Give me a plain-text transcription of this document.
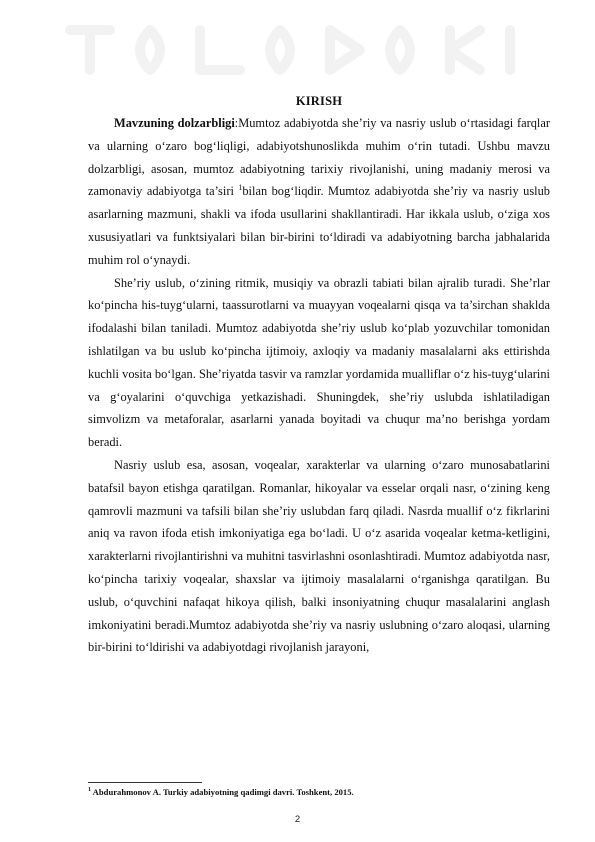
KIRISH

Mavzuning dolzarbligi:Mumtoz adabiyotda she’riy va nasriy uslub o‘rtasidagi farqlar va ularning o‘zaro bog‘liqligi, adabiyotshunoslikda muhim o‘rin tutadi. Ushbu mavzu dolzarbligi, asosan, mumtoz adabiyotning tarixiy rivojlanishi, uning madaniy merosi va zamonaviy adabiyotga ta’siri $^1$bilan bog‘liqdir. Mumtoz adabiyotda she’riy va nasriy uslub asarlarning mazmuni, shakli va ifoda usullarini shakllantiradi. Har ikkala uslub, o‘ziga xos xususiyatlari va funktsiyalari bilan bir-birini to‘ldiradi va adabiyotning barcha jabhalarida muhim rol o‘ynaydi.

She’riy uslub, o‘zining ritmik, musiqiy va obrazli tabiati bilan ajralib turadi. She’rlar ko‘pincha his-tuyg‘ularni, taassurotlarni va muayyan voqealarni qisqa va ta’sirchan shaklda ifodalashi bilan taniladi. Mumtoz adabiyotda she’riy uslub ko‘plab yozuvchilar tomonidan ishlatilgan va bu uslub ko‘pincha ijtimoiy, axloqiy va madaniy masalalarni aks ettirishda kuchli vosita bo‘lgan. She’riyatda tasvir va ramzlar yordamida mualliflar o‘z his-tuyg‘ularini va g‘oyalarini o‘quvchiga yetkazishadi. Shuningdek, she’riy uslubda ishlatiladigan simvolizm va metaforalar, asarlarni yanada boyitadi va chuqur ma’no berishga yordam beradi.

Nasriy uslub esa, asosan, voqealar, xarakterlar va ularning o‘zaro munosabatlarini batafsil bayon etishga qaratilgan. Romanlar, hikoyalar va esselar orqali nasr, o‘zining keng qamrovli mazmuni va tafsili bilan she’riy uslubdan farq qiladi. Nasrda muallif o‘z fikrlarini aniq va ravon ifoda etish imkoniyatiga ega bo‘ladi. U o‘z asarida voqealar ketma-ketligini, xarakterlarni rivojlantirishni va muhitni tasvirlashni osonlashtiradi. Mumtoz adabiyotda nasr, ko‘pincha tarixiy voqealar, shaxslar va ijtimoiy masalalarni o‘rganishga qaratilgan. Bu uslub, o‘quvchini nafaqat hikoya qilish, balki insoniyatning chuqur masalalarini anglash imkoniyatini beradi.Mumtoz adabiyotda she’riy va nasriy uslubning o‘zaro aloqasi, ularning bir-birini to‘ldirishi va adabiyotdagi rivojlanish jarayoni,

$^1$ Abdurahmonov A. Turkiy adabiyotning qadimgi davri. Toshkent, 2015.
2
